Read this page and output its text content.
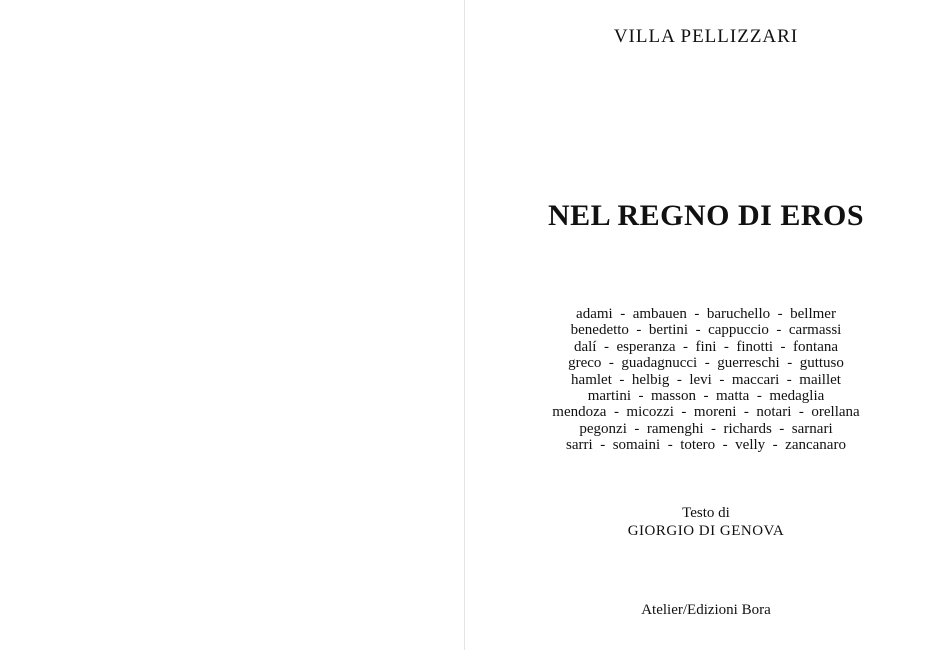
VILLA PELLIZZARI
NEL REGNO DI EROS
adami  -  ambauen  -  baruchello  -  bellmer
benedetto  -  bertini  -  cappuccio  -  carmassi
dalí  -  esperanza  -  fini  -  finotti  -  fontana
greco  -  guadagnucci  -  guerreschi  -  guttuso
hamlet  -  helbig  -  levi  -  maccari  -  maillet
martini  -  masson  -  matta  -  medaglia
mendoza  -  micozzi  -  moreni  -  notari  -  orellana
pegonzi  -  ramenghi  -  richards  -  sarnari
sarri  -  somaini  -  totero  -  velly  -  zancanaro
Testo di
GIORGIO DI GENOVA
Atelier/Edizioni Bora
